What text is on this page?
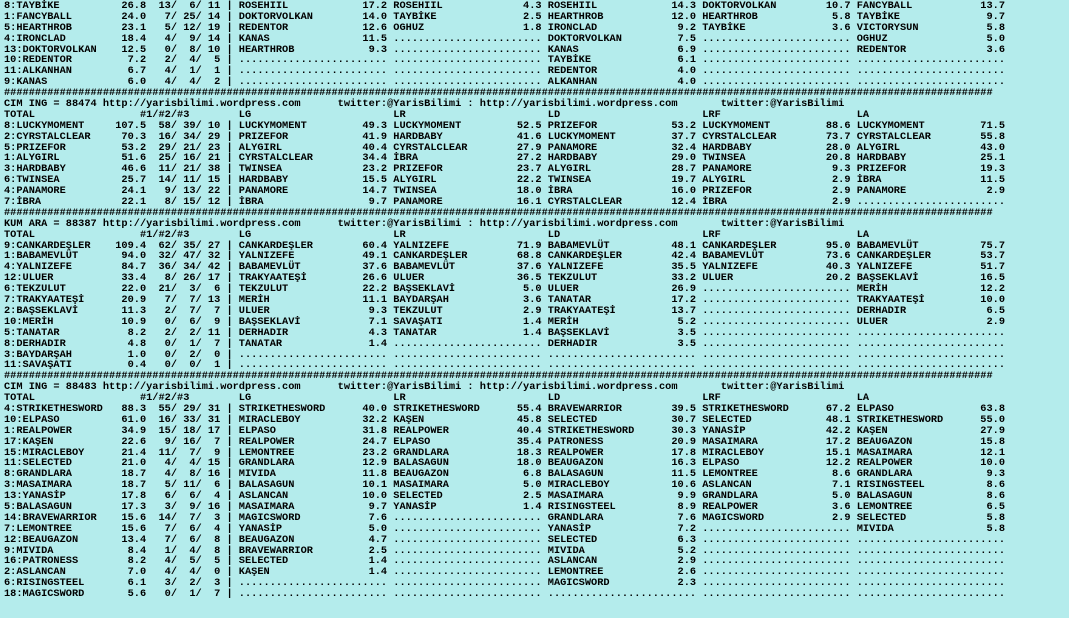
8:TAYBİKE          26.8  13/  6/ 11 | ROSEHIIL            17.2 ROSEHIIL             4.3 ROSEHIIL            14.3 DOKTORVOLKAN        10.7 FANCYBALL           13.7
1:FANCYBALL        24.0   7/ 25/ 14 | DOKTORVOLKAN        14.0 TAYBİKE              2.5 HEARTHROB           12.0 HEARTHROB            5.8 TAYBİKE              9.7
5:HEARTHROB        23.1   5/ 12/ 19 | REDENTOR            12.6 OGHUZ                1.8 IRONCLAD             9.2 TAYBİKE              3.6 VICTORYSUN           5.8
4:IRONCLAD         18.4   4/  9/ 14 | KANAS               11.5 ........................ DOKTORVOLKAN         7.5 ........................ OGHUZ                5.0
13:DOKTORVOLKAN    12.5   0/  8/ 10 | HEARTHROB            9.3 ........................ KANAS                6.9 ........................ REDENTOR             3.6
10:REDENTOR         7.2   2/  4/  5 | ........................ ........................ TAYBİKE              6.1 ........................ ........................
11:ALKANHAN         6.7   4/  1/  1 | ........................ ........................ REDENTOR             4.0 ........................ ........................
9:KANAS             6.0   4/  4/  2 | ........................ ........................ ALKANHAN             4.0 ........................ ........................
################################################################################################################################################################
CIM ING = 88474 http://yarisbilimi.wordpress.com      twitter:@YarisBilimi : http://yarisbilimi.wordpress.com       twitter:@YarisBilimi
TOTAL                 #1/#2/#3        LG                       LR                       LD                       LRF                      LA
8:LUCKYMOMENT     107.5  58/ 39/ 10 | LUCKYMOMENT         49.3 LUCKYMOMENT         52.5 PRIZEFOR            53.2 LUCKYMOMENT         88.6 LUCKYMOMENT         71.5
2:CYRSTALCLEAR     70.3  16/ 34/ 29 | PRIZEFOR            41.9 HARDBABY            41.6 LUCKYMOMENT         37.7 CYRSTALCLEAR        73.7 CYRSTALCLEAR        55.8
5:PRIZEFOR         53.2  29/ 21/ 23 | ALYGIRL             40.4 CYRSTALCLEAR        27.9 PANAMORE            32.4 HARDBABY            28.0 ALYGIRL             43.0
1:ALYGIRL          51.6  25/ 16/ 21 | CYRSTALCLEAR        34.4 İBRA                27.2 HARDBABY            29.0 TWINSEA             20.8 HARDBABY            25.1
3:HARDBABY         46.6  11/ 21/ 38 | TWINSEA             23.2 PRIZEFOR            23.7 ALYGIRL             28.7 PANAMORE             9.3 PRIZEFOR            19.3
6:TWINSEA          25.7  14/ 11/ 15 | HARDBABY            15.5 ALYGIRL             22.2 TWINSEA             19.7 ALYGIRL              2.9 İBRA                11.5
4:PANAMORE         24.1   9/ 13/ 22 | PANAMORE            14.7 TWINSEA             18.0 İBRA                16.0 PRIZEFOR             2.9 PANAMORE             2.9
7:İBRA             22.1   8/ 15/ 12 | İBRA                 9.7 PANAMORE            16.1 CYRSTALCLEAR        12.4 İBRA                 2.9 ........................
################################################################################################################################################################
KUM ARA = 88387 http://yarisbilimi.wordpress.com      twitter:@YarisBilimi : http://yarisbilimi.wordpress.com       twitter:@YarisBilimi
TOTAL                 #1/#2/#3        LG                       LR                       LD                       LRF                      LA
9:CANKARDEŞLER    109.4  62/ 35/ 27 | CANKARDEŞLER        60.4 YALNIZEFE           71.9 BABAMEVLÜT          48.1 CANKARDEŞLER        95.0 BABAMEVLÜT          75.7
1:BABAMEVLÜT       94.0  32/ 47/ 32 | YALNIZEFE           49.1 CANKARDEŞLER        68.8 CANKARDEŞLER        42.4 BABAMEVLÜT          73.6 CANKARDEŞLER        53.7
4:YALNIZEFE        84.7  36/ 34/ 42 | BABAMEVLÜT          37.6 BABAMEVLÜT          37.6 YALNIZEFE           35.5 YALNIZEFE           40.3 YALNIZEFE           51.7
12:ULUER           33.4   8/ 26/ 17 | TRAKYAATEŞİ         26.6 ULUER               36.5 TEKZULUT            33.2 ULUER               20.2 BAŞSEKLAVİ          16.5
6:TEKZULUT         22.0  21/  3/  6 | TEKZULUT            22.2 BAŞSEKLAVİ           5.0 ULUER               26.9 ........................ MERİH               12.2
7:TRAKYAATEŞİ      20.9   7/  7/ 13 | MERİH               11.1 BAYDARŞAH            3.6 TANATAR             17.2 ........................ TRAKYAATEŞİ         10.0
2:BAŞSEKLAVİ       11.3   2/  7/  7 | ULUER                9.3 TEKZULUT             2.9 TRAKYAATEŞİ         13.7 ........................ DERHADIR             6.5
10:MERİH           10.9   0/  6/  9 | BAŞSEKLAVİ           7.1 SAVAŞATI             1.4 MERİH                5.2 ........................ ULUER                2.9
5:TANATAR           8.2   2/  2/ 11 | DERHADIR             4.3 TANATAR              1.4 BAŞSEKLAVİ           3.5 ........................ ........................
8:DERHADIR          4.8   0/  1/  7 | TANATAR              1.4 ........................ DERHADIR             3.5 ........................ ........................
3:BAYDARŞAH         1.0   0/  2/  0 | ........................ ........................ ........................ ........................ ........................
11:SAVAŞATI         0.4   0/  0/  1 | ........................ ........................ ........................ ........................ ........................
################################################################################################################################################################
CIM ING = 88483 http://yarisbilimi.wordpress.com      twitter:@YarisBilimi : http://yarisbilimi.wordpress.com       twitter:@YarisBilimi
TOTAL                 #1/#2/#3        LG                       LR                       LD                       LRF                      LA
4:STRIKETHESWORD   88.3  55/ 29/ 31 | STRIKETHESWORD      40.0 STRIKETHESWORD      55.4 BRAVEWARRIOR        39.5 STRIKETHESWORD      67.2 ELPASO              63.8
10:ELPASO          61.0  16/ 33/ 31 | MIRACLEBOY          32.2 KAŞEN               45.8 SELECTED            30.7 SELECTED            48.1 STRIKETHESWORD      55.0
1:REALPOWER        34.9  15/ 18/ 17 | ELPASO              31.8 REALPOWER           40.4 STRIKETHESWORD      30.3 YANASİP             42.2 KAŞEN               27.9
17:KAŞEN           22.6   9/ 16/  7 | REALPOWER           24.7 ELPASO              35.4 PATRONESS           20.9 MASAIMARA           17.2 BEAUGAZON           15.8
15:MIRACLEBOY      21.4  11/  7/  9 | LEMONTREE           23.2 GRANDLARA           18.3 REALPOWER           17.8 MIRACLEBOY          15.1 MASAIMARA           12.1
11:SELECTED        21.0   4/  4/ 15 | GRANDLARA           12.9 BALASAGUN           18.0 BEAUGAZON           16.3 ELPASO              12.2 REALPOWER           10.0
8:GRANDLARA        18.7   4/  8/ 16 | MIVIDA              11.8 BEAUGAZON            6.8 BALASAGUN           11.5 LEMONTREE            8.6 GRANDLARA            9.3
3:MASAIMARA        18.7   5/ 11/  6 | BALASAGUN           10.1 MASAIMARA            5.0 MIRACLEBOY          10.6 ASLANCAN             7.1 RISINGSTEEL          8.6
13:YANASİP         17.8   6/  6/  4 | ASLANCAN            10.0 SELECTED             2.5 MASAIMARA            9.9 GRANDLARA            5.0 BALASAGUN            8.6
5:BALASAGUN        17.3   3/  9/ 16 | MASAIMARA            9.7 YANASİP              1.4 RISINGSTEEL          8.9 REALPOWER            3.6 LEMONTREE            6.5
14:BRAVEWARRIOR    15.6  14/  7/  3 | MAGICSWORD           7.6 ........................ GRANDLARA            7.6 MAGICSWORD           2.9 SELECTED             5.8
7:LEMONTREE        15.6   7/  6/  4 | YANASİP              5.0 ........................ YANASİP              7.2 ........................ MIVIDA               5.8
12:BEAUGAZON       13.4   7/  6/  8 | BEAUGAZON            4.7 ........................ SELECTED             6.3 ........................ ........................
9:MIVIDA            8.4   1/  4/  8 | BRAVEWARRIOR         2.5 ........................ MIVIDA               5.2 ........................ ........................
16:PATRONESS        8.2   4/  5/  5 | SELECTED             1.4 ........................ ASLANCAN             2.9 ........................ ........................
2:ASLANCAN          7.0   4/  4/  0 | KAŞEN                1.4 ........................ LEMONTREE            2.6 ........................ ........................
6:RISINGSTEEL       6.1   3/  2/  3 | ........................ ........................ MAGICSWORD           2.3 ........................ ........................
18:MAGICSWORD       5.6   0/  1/  7 | ........................ ........................ ........................ ........................ ........................
